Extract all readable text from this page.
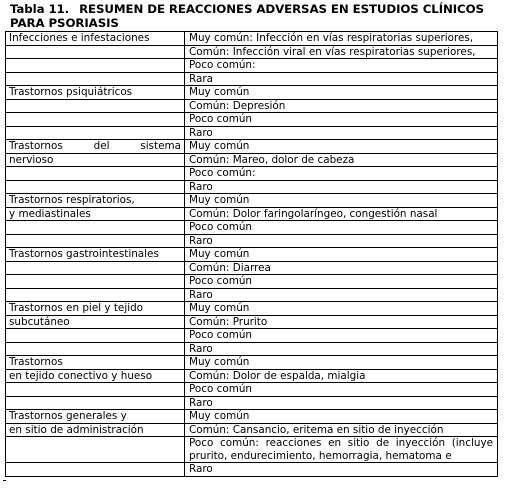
Tabla 11. RESUMEN DE REACCIONES ADVERSAS EN ESTUDIOS CLÍNICOS
PARA PSORIASIS
Infecciones e infestaciones	Muy común: Infección en vías respiratorias superiores,
	Común: Infección viral en vías respiratorias superiores,
	Poco común:
	Rara
Trastornos psiquiátricos	Muy común
	Común: Depresión
	Poco común
	Raro
Trastornos del sistema	Muy común
nervioso	Común: Mareo, dolor de cabeza
	Poco común:
	Raro
Trastornos respiratorios,	Muy común
y mediastinales	Común: Dolor faringolaríngeo, congestión nasal
	Poco común
	Raro
Trastornos gastrointestinales	Muy común
	Común: Diarrea
	Poco común
	Raro
Trastornos en piel y tejido	Muy común
subcutáneo	Común: Prurito
	Poco común
	Raro
Trastornos	Muy común
en tejido conectivo y hueso	Común: Dolor de espalda, mialgia
	Poco común
	Raro
Trastornos generales y	Muy común
en sitio de administración	Común: Cansancio, eritema en sitio de inyección
	Poco común: reacciones en sitio de inyección (incluye prurito, endurecimiento, hemorragia, hematoma e
	Raro
